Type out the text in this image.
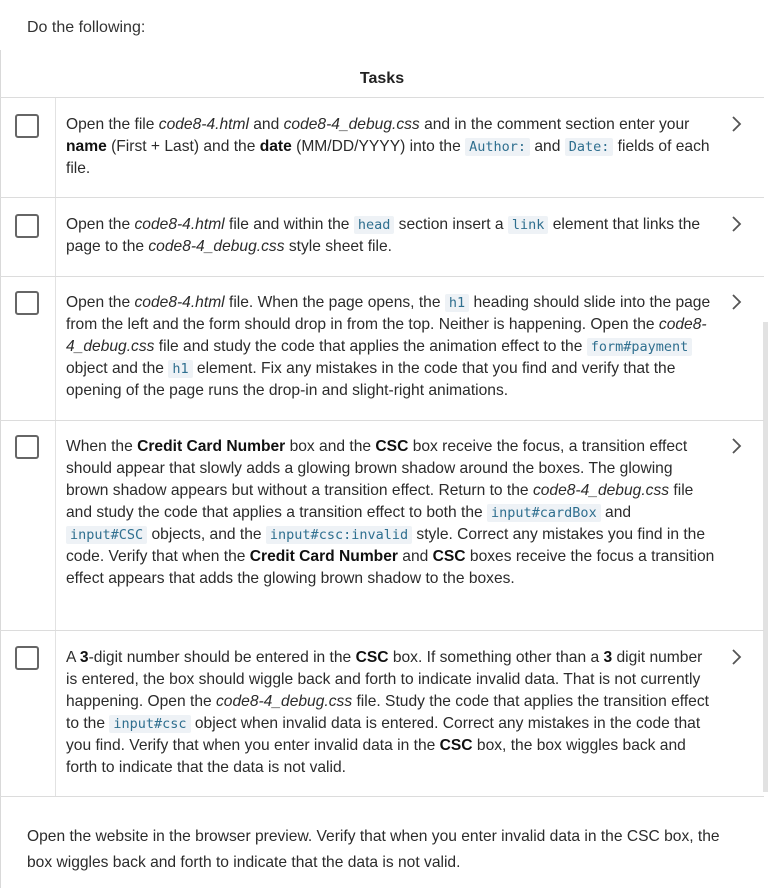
Do the following:
Tasks
Open the file code8-4.html and code8-4_debug.css and in the comment section enter your name (First + Last) and the date (MM/DD/YYYY) into the Author: and Date: fields of each file.
Open the code8-4.html file and within the head section insert a link element that links the page to the code8-4_debug.css style sheet file.
Open the code8-4.html file. When the page opens, the h1 heading should slide into the page from the left and the form should drop in from the top. Neither is happening. Open the code8-4_debug.css file and study the code that applies the animation effect to the form#payment object and the h1 element. Fix any mistakes in the code that you find and verify that the opening of the page runs the drop-in and slight-right animations.
When the Credit Card Number box and the CSC box receive the focus, a transition effect should appear that slowly adds a glowing brown shadow around the boxes. The glowing brown shadow appears but without a transition effect. Return to the code8-4_debug.css file and study the code that applies a transition effect to both the input#cardBox and input#CSC objects, and the input#csc:invalid style. Correct any mistakes you find in the code. Verify that when the Credit Card Number and CSC boxes receive the focus a transition effect appears that adds the glowing brown shadow to the boxes.
A 3-digit number should be entered in the CSC box. If something other than a 3 digit number is entered, the box should wiggle back and forth to indicate invalid data. That is not currently happening. Open the code8-4_debug.css file. Study the code that applies the transition effect to the input#csc object when invalid data is entered. Correct any mistakes in the code that you find. Verify that when you enter invalid data in the CSC box, the box wiggles back and forth to indicate that the data is not valid.
Open the website in the browser preview. Verify that when you enter invalid data in the CSC box, the box wiggles back and forth to indicate that the data is not valid.
